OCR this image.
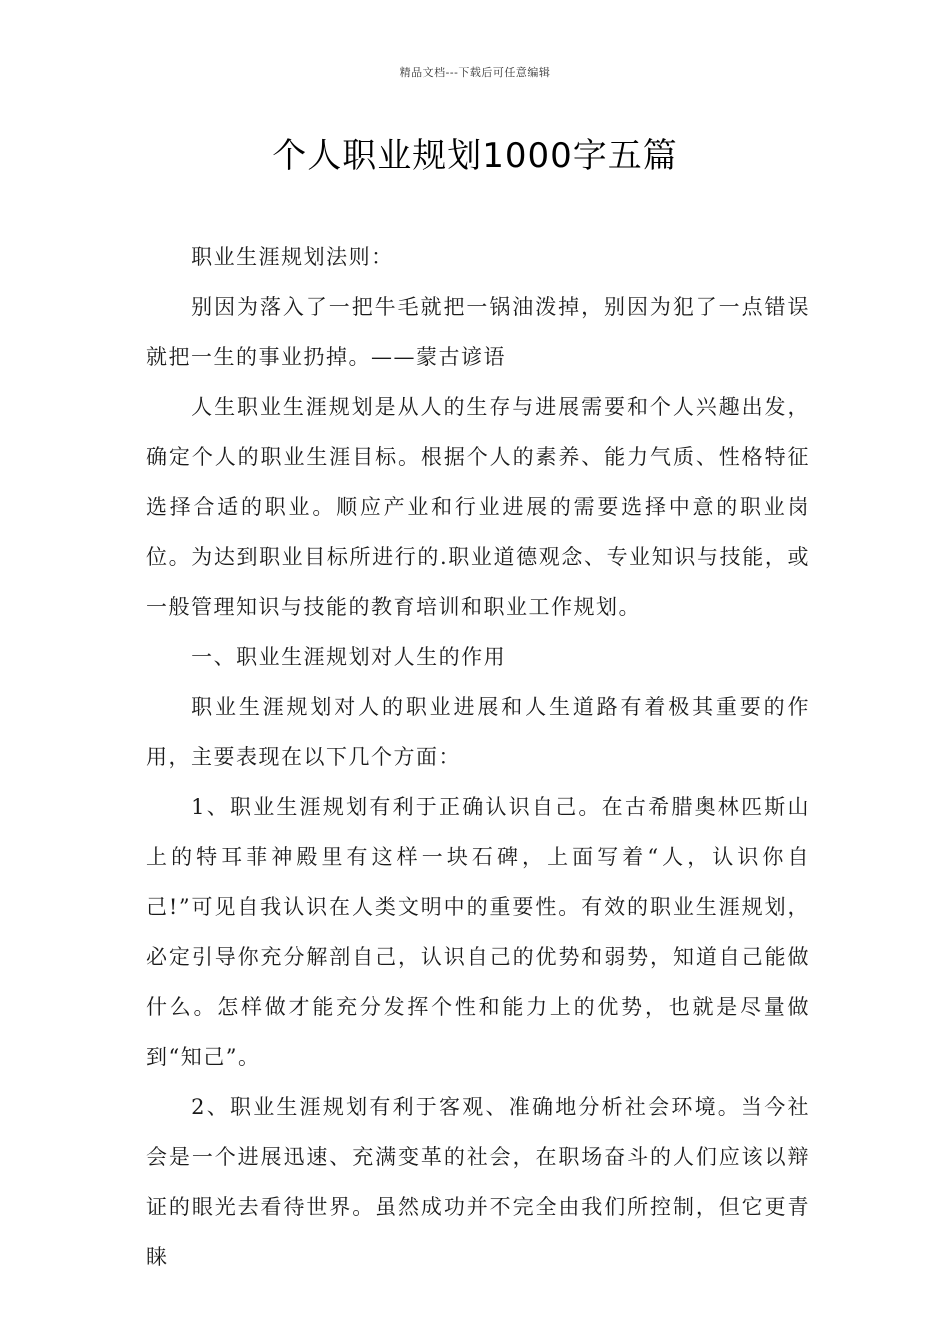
精品文档---下载后可任意编辑
个人职业规划1000字五篇

职业生涯规划法则：

别因为落入了一把牛毛就把一锅油泼掉，别因为犯了一点错误就把一生的事业扔掉。——蒙古谚语

人生职业生涯规划是从人的生存与进展需要和个人兴趣出发，确定个人的职业生涯目标。根据个人的素养、能力气质、性格特征选择合适的职业。顺应产业和行业进展的需要选择中意的职业岗位。为达到职业目标所进行的.职业道德观念、专业知识与技能，或一般管理知识与技能的教育培训和职业工作规划。

一、职业生涯规划对人生的作用

职业生涯规划对人的职业进展和人生道路有着极其重要的作用，主要表现在以下几个方面：

1、职业生涯规划有利于正确认识自己。在古希腊奥林匹斯山上的特耳菲神殿里有这样一块石碑，上面写着“人，认识你自己!”可见自我认识在人类文明中的重要性。有效的职业生涯规划，必定引导你充分解剖自己，认识自己的优势和弱势，知道自己能做什么。怎样做才能充分发挥个性和能力上的优势，也就是尽量做到“知己”。

2、职业生涯规划有利于客观、准确地分析社会环境。当今社会是一个进展迅速、充满变革的社会，在职场奋斗的人们应该以辩证的眼光去看待世界。虽然成功并不完全由我们所控制，但它更青睐
